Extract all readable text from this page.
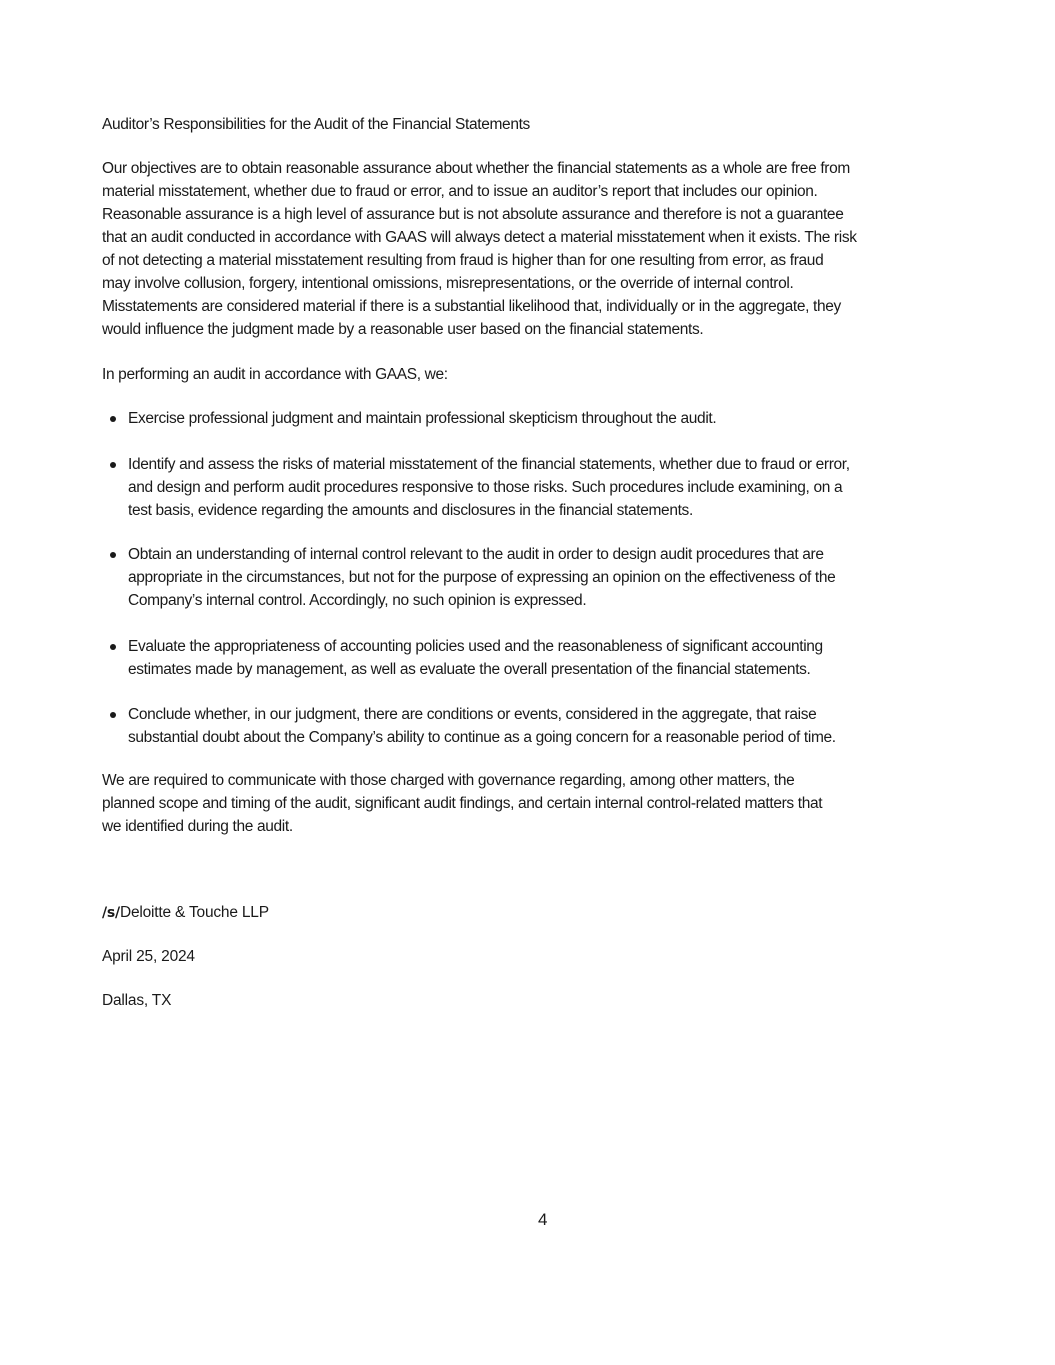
Auditor’s Responsibilities for the Audit of the Financial Statements

Our objectives are to obtain reasonable assurance about whether the financial statements as a whole are free from
material misstatement, whether due to fraud or error, and to issue an auditor’s report that includes our opinion.
Reasonable assurance is a high level of assurance but is not absolute assurance and therefore is not a guarantee
that an audit conducted in accordance with GAAS will always detect a material misstatement when it exists. The risk
of not detecting a material misstatement resulting from fraud is higher than for one resulting from error, as fraud
may involve collusion, forgery, intentional omissions, misrepresentations, or the override of internal control.
Misstatements are considered material if there is a substantial likelihood that, individually or in the aggregate, they
would influence the judgment made by a reasonable user based on the financial statements.

In performing an audit in accordance with GAAS, we:

Exercise professional judgment and maintain professional skepticism throughout the audit.
Identify and assess the risks of material misstatement of the financial statements, whether due to fraud or error,
and design and perform audit procedures responsive to those risks. Such procedures include examining, on a
test basis, evidence regarding the amounts and disclosures in the financial statements.
Obtain an understanding of internal control relevant to the audit in order to design audit procedures that are
appropriate in the circumstances, but not for the purpose of expressing an opinion on the effectiveness of the
Company’s internal control. Accordingly, no such opinion is expressed.
Evaluate the appropriateness of accounting policies used and the reasonableness of significant accounting
estimates made by management, as well as evaluate the overall presentation of the financial statements.
Conclude whether, in our judgment, there are conditions or events, considered in the aggregate, that raise
substantial doubt about the Company’s ability to continue as a going concern for a reasonable period of time.

We are required to communicate with those charged with governance regarding, among other matters, the
planned scope and timing of the audit, significant audit findings, and certain internal control-related matters that
we identified during the audit.

/s/Deloitte & Touche LLP
April 25, 2024
Dallas, TX
4
